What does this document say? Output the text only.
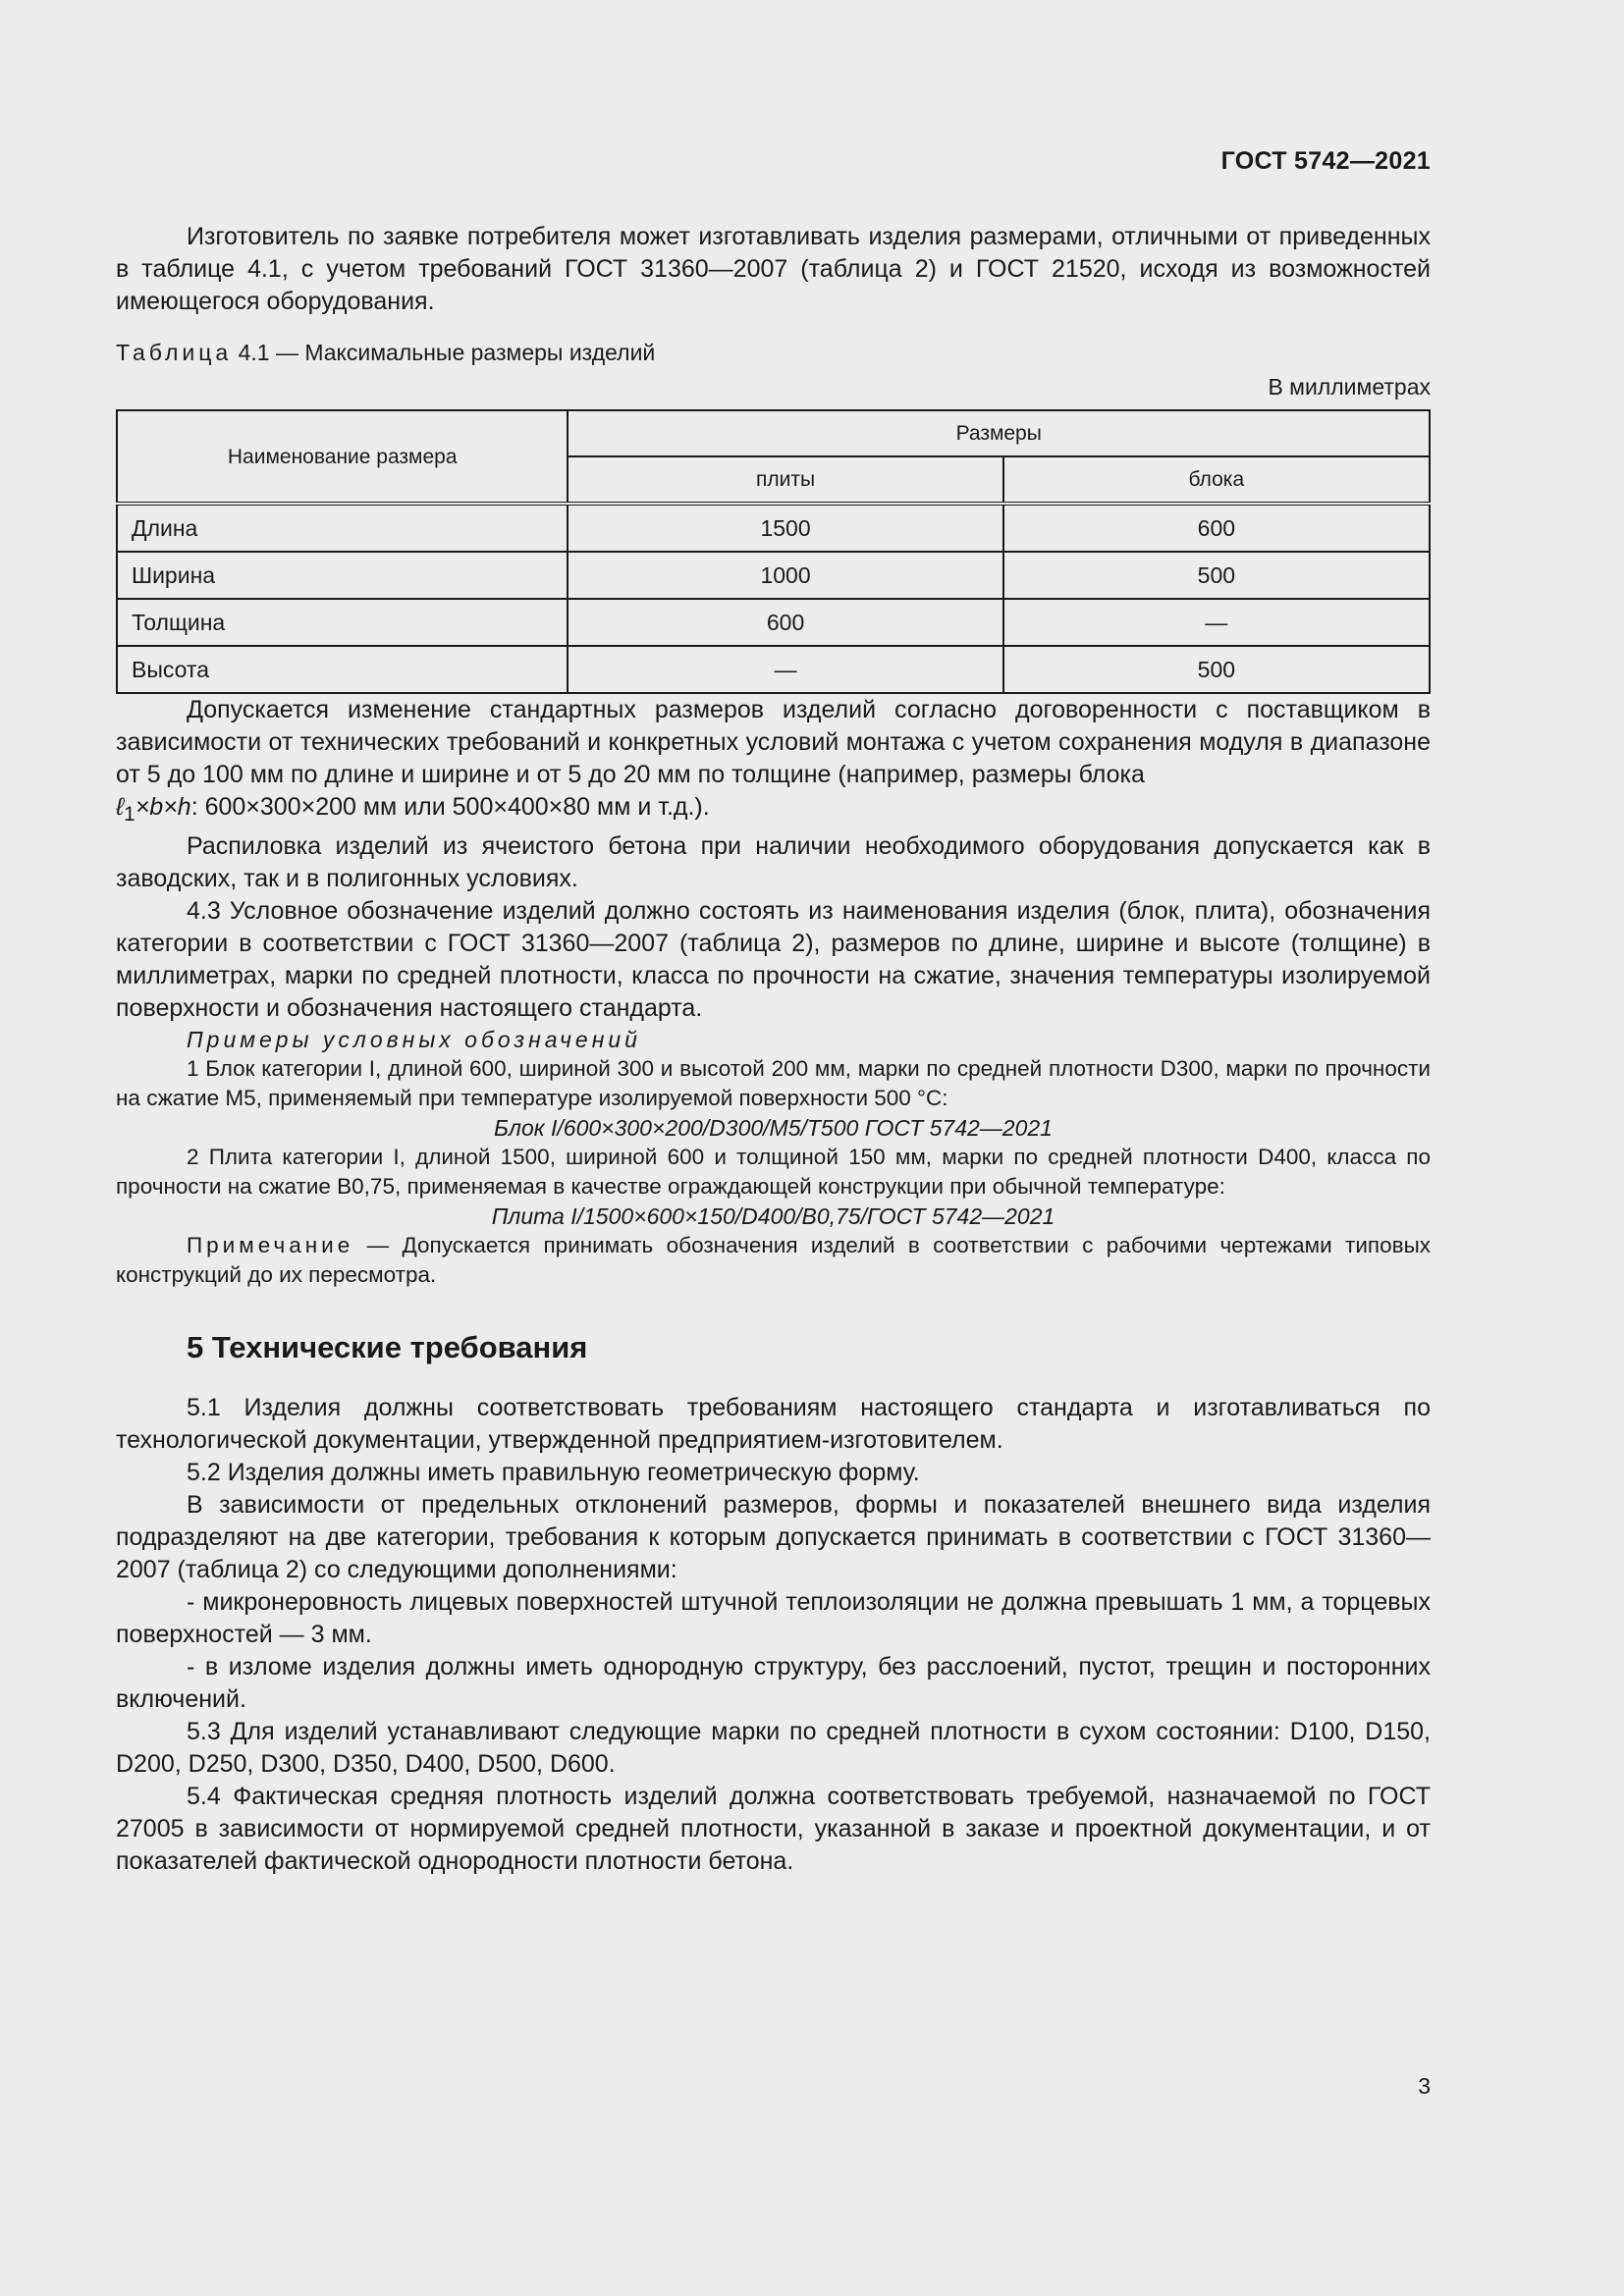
ГОСТ 5742—2021

Изготовитель по заявке потребителя может изготавливать изделия размерами, отличными от приведенных в таблице 4.1, с учетом требований ГОСТ 31360—2007 (таблица 2) и ГОСТ 21520, исходя из возможностей имеющегося оборудования.

Таблица 4.1 — Максимальные размеры изделий
В миллиметрах
Наименование размера	Размеры	
	плиты	блока
Длина	1500	600
Ширина	1000	500
Толщина	600	—
Высота	—	500

Допускается изменение стандартных размеров изделий согласно договоренности с поставщиком в зависимости от технических требований и конкретных условий монтажа с учетом сохранения модуля в диапазоне от 5 до 100 мм по длине и ширине и от 5 до 20 мм по толщине (например, размеры блока
ℓ$_1$×b×h: 600×300×200 мм или 500×400×80 мм и т.д.).

Распиловка изделий из ячеистого бетона при наличии необходимого оборудования допускается как в заводских, так и в полигонных условиях.

4.3 Условное обозначение изделий должно состоять из наименования изделия (блок, плита), обозначения категории в соответствии с ГОСТ 31360—2007 (таблица 2), размеров по длине, ширине и высоте (толщине) в миллиметрах, марки по средней плотности, класса по прочности на сжатие, значения температуры изолируемой поверхности и обозначения настоящего стандарта.

Примеры условных обозначений

1 Блок категории I, длиной 600, шириной 300 и высотой 200 мм, марки по средней плотности D300, марки по прочности на сжатие М5, применяемый при температуре изолируемой поверхности 500 °С:

Блок I/600×300×200/D300/M5/T500 ГОСТ 5742—2021

2 Плита категории I, длиной 1500, шириной 600 и толщиной 150 мм, марки по средней плотности D400, класса по прочности на сжатие B0,75, применяемая в качестве ограждающей конструкции при обычной температуре:

Плита I/1500×600×150/D400/B0,75/ГОСТ 5742—2021

Примечание — Допускается принимать обозначения изделий в соответствии с рабочими чертежами типовых конструкций до их пересмотра.

5 Технические требования

5.1 Изделия должны соответствовать требованиям настоящего стандарта и изготавливаться по технологической документации, утвержденной предприятием-изготовителем.

5.2 Изделия должны иметь правильную геометрическую форму.

В зависимости от предельных отклонений размеров, формы и показателей внешнего вида изделия подразделяют на две категории, требования к которым допускается принимать в соответствии с ГОСТ 31360—2007 (таблица 2) со следующими дополнениями:

- микронеровность лицевых поверхностей штучной теплоизоляции не должна превышать 1 мм, а торцевых поверхностей — 3 мм.

- в изломе изделия должны иметь однородную структуру, без расслоений, пустот, трещин и посторонних включений.

5.3 Для изделий устанавливают следующие марки по средней плотности в сухом состоянии: D100, D150, D200, D250, D300, D350, D400, D500, D600.

5.4 Фактическая средняя плотность изделий должна соответствовать требуемой, назначаемой по ГОСТ 27005 в зависимости от нормируемой средней плотности, указанной в заказе и проектной документации, и от показателей фактической однородности плотности бетона.

3
